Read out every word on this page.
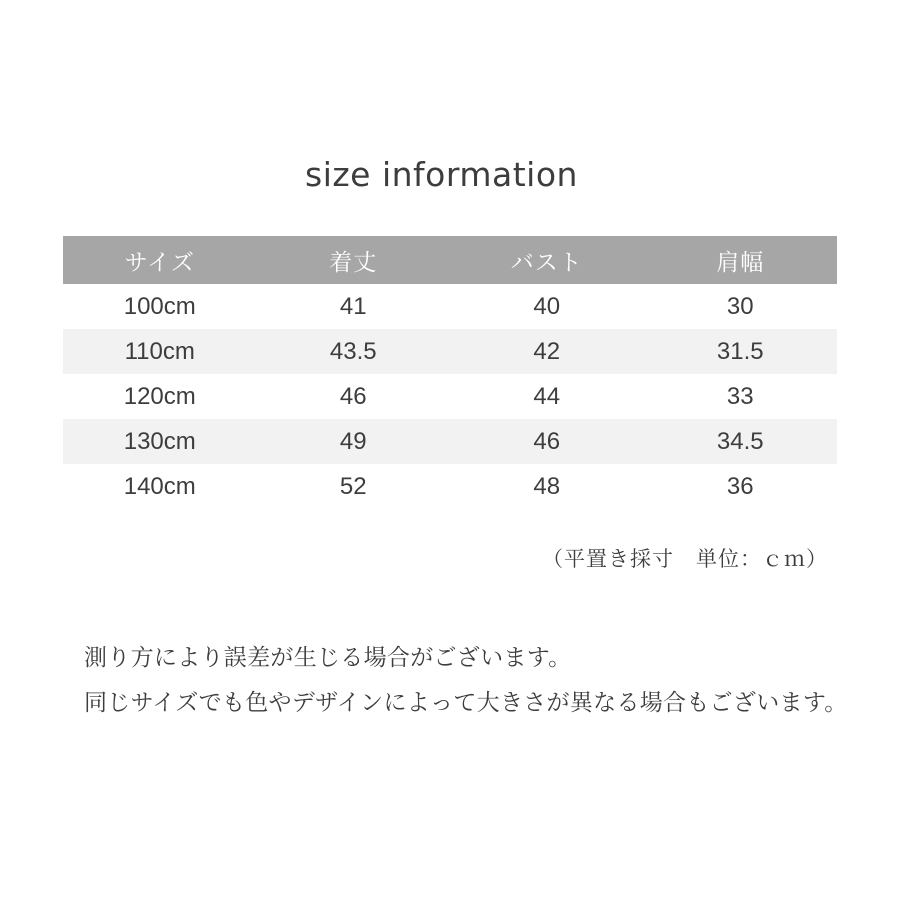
size information
サイズ	着丈	バスト	肩幅
100cm	41	40	30
110cm	43.5	42	31.5
120cm	46	44	33
130cm	49	46	34.5
140cm	52	48	36
（平置き採寸　単位：ｃｍ）
測り方により誤差が生じる場合がございます。
同じサイズでも色やデザインによって大きさが異なる場合もございます。
